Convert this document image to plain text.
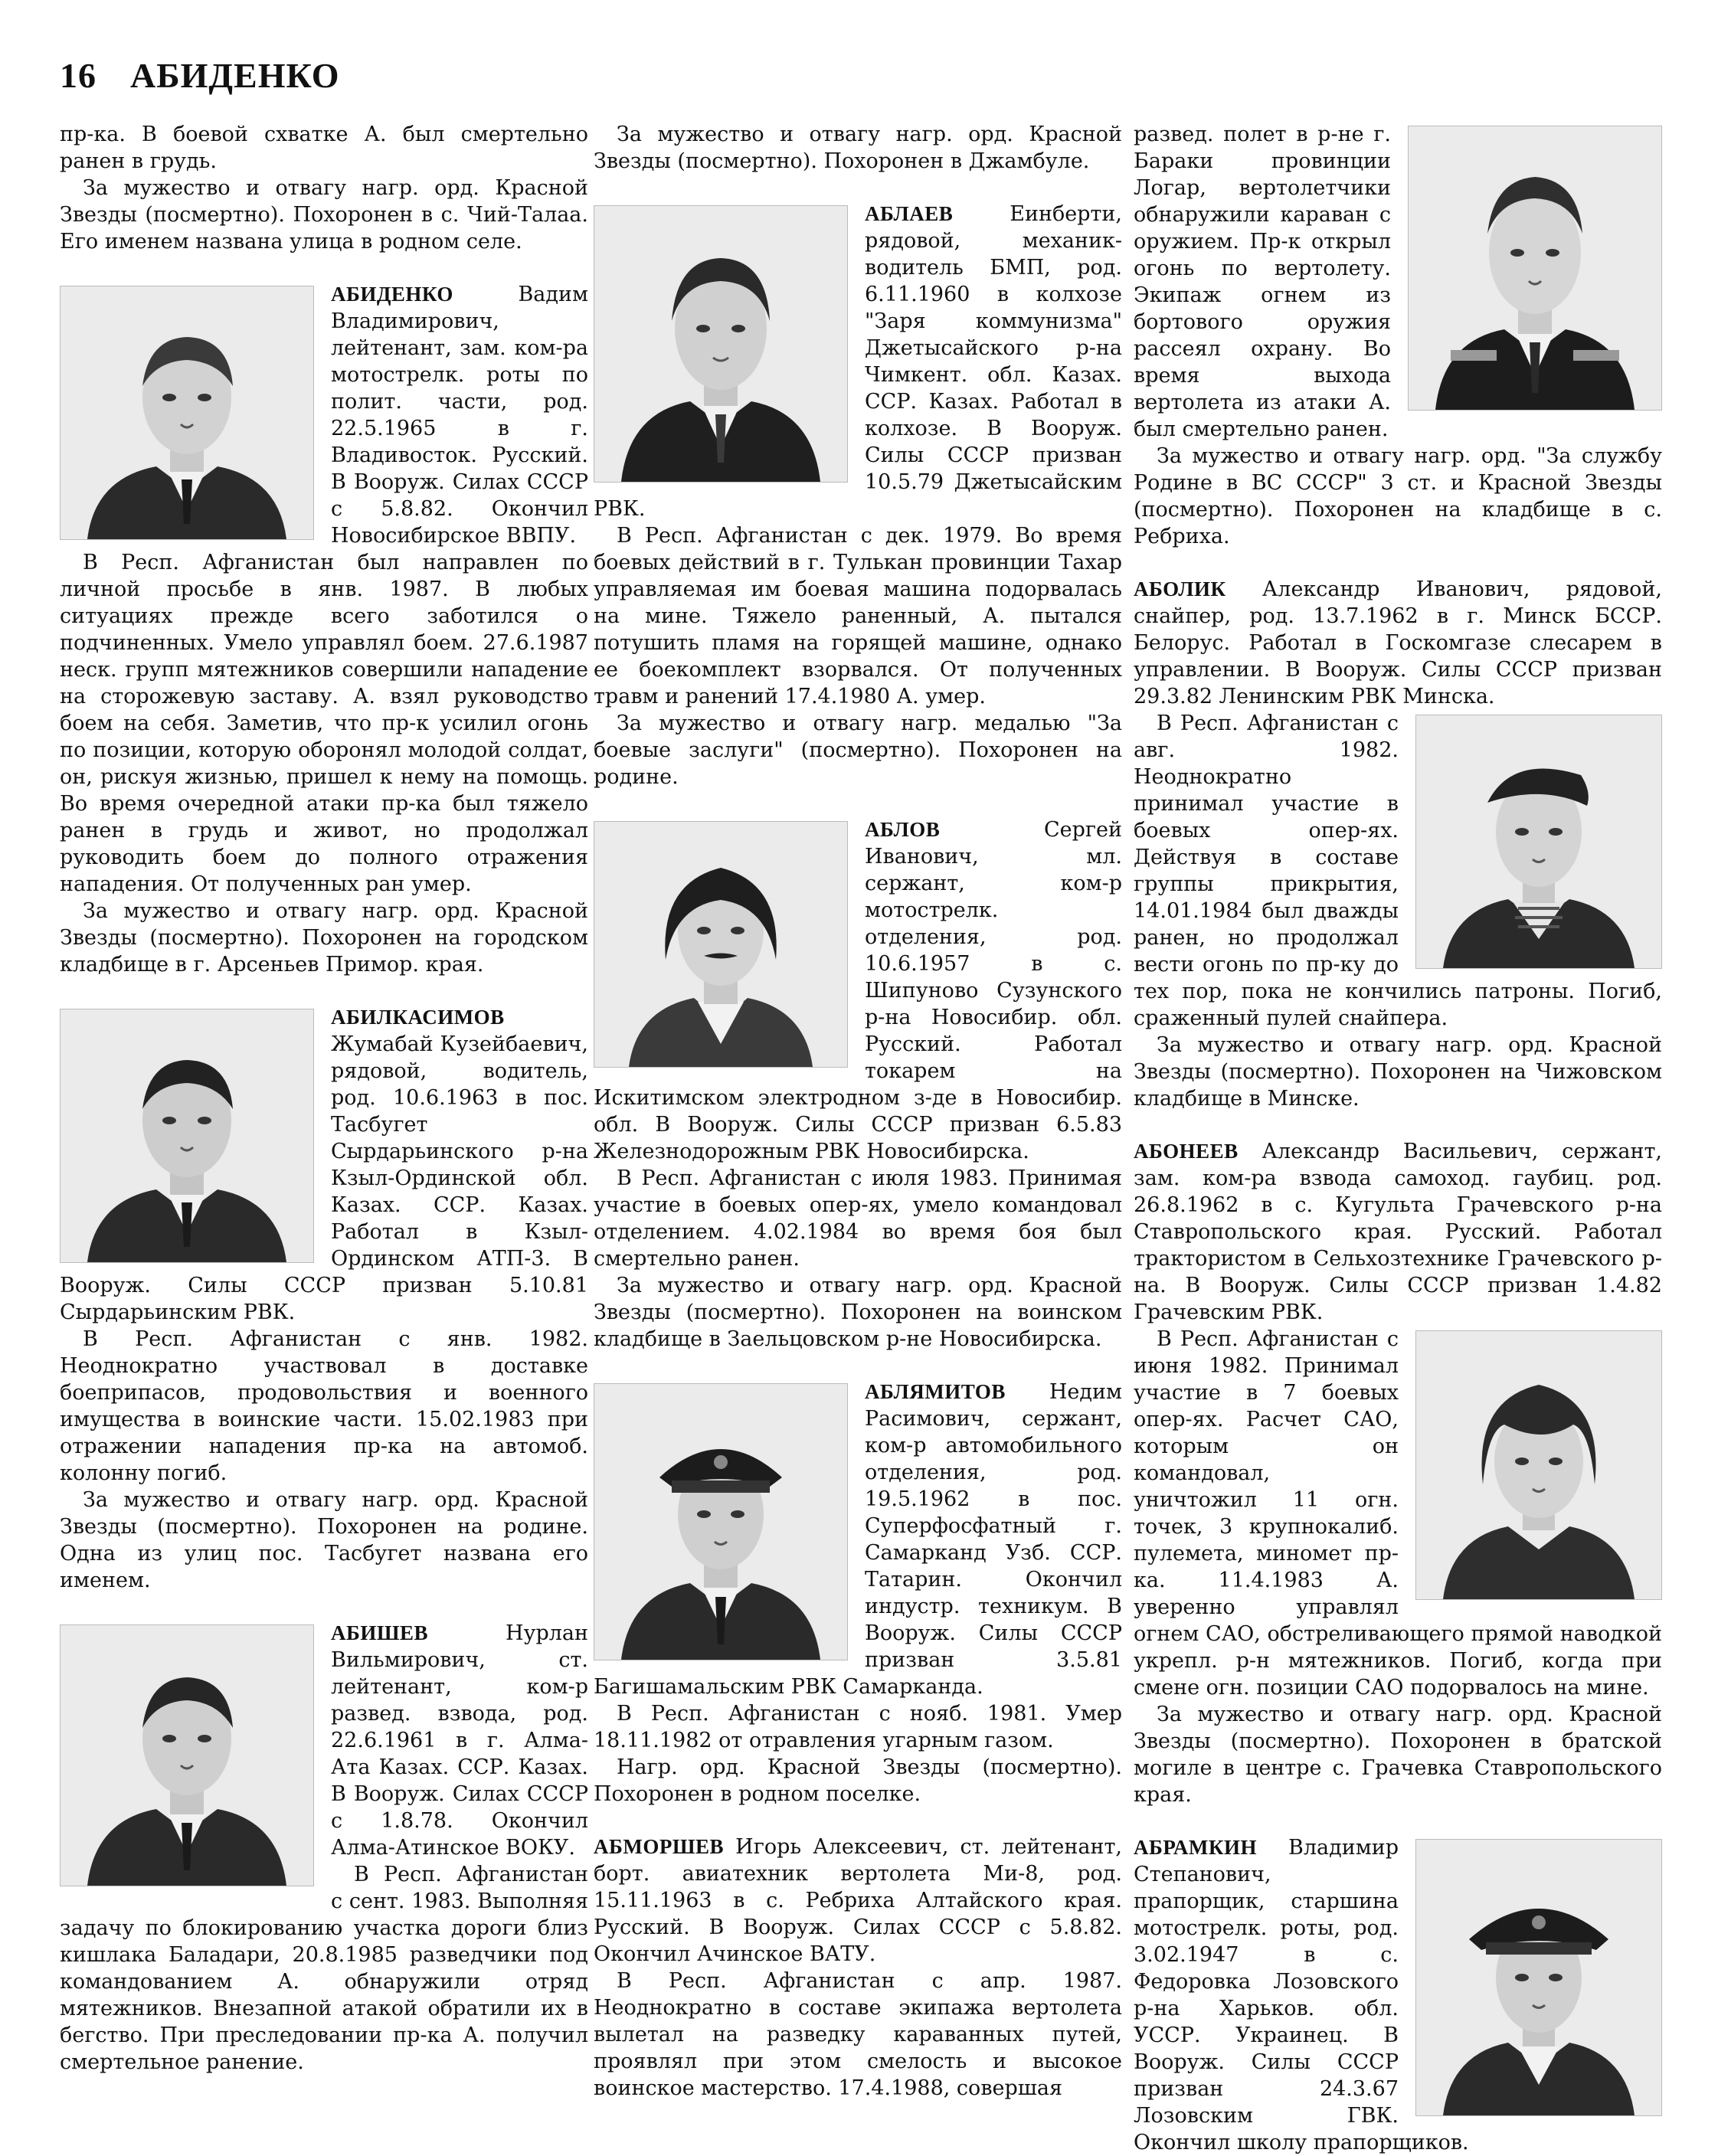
16 АБИДЕНКО

пр-ка. В боевой схватке А. был смертельно ранен в грудь.

За мужество и отвагу нагр. орд. Красной Звезды (посмертно). Похоронен в с. Чий-Талаа. Его именем названа улица в родном селе.

АБИДЕНКО	Вадим Владимирович, лейтенант, зам. ком-ра мотострелк. роты по полит. части, род. 22.5.1965 в г. Владивосток. Русский. В Вооруж. Силах СССР с 5.8.82. Окончил Новосибирское ВВПУ.

В Респ. Афганистан был направлен по личной просьбе в янв. 1987. В любых ситуациях прежде всего заботился о подчиненных. Умело управлял боем. 27.6.1987 неск. групп мятежников совершили нападение на сторожевую заставу. А. взял руководство боем на себя. Заметив, что пр-к усилил огонь по позиции, которую оборонял молодой солдат, он, рискуя жизнью, пришел к нему на помощь. Во время очередной атаки пр-ка был тяжело ранен в грудь и живот, но продолжал руководить боем до полного отражения нападения. От полученных ран умер.

За мужество и отвагу нагр. орд. Красной Звезды (посмертно). Похоронен на городском кладбище в г. Арсеньев Примор. края.

АБИЛКАСИМОВ Жумабай Кузейбаевич, рядовой, водитель, род. 10.6.1963 в пос. Тасбугет Сырдарьинского р-на Кзыл-Ординской обл. Казах. ССР. Казах. Работал в Кзыл-Ординском АТП-3. В Вооруж. Силы СССР призван 5.10.81 Сырдарьинским РВК.

В Респ. Афганистан с янв. 1982. Неоднократно участвовал в доставке боеприпасов, продовольствия и военного имущества в воинские части. 15.02.1983 при отражении нападения пр-ка на автомоб. колонну погиб.

За мужество и отвагу нагр. орд. Красной Звезды (посмертно). Похоронен на родине. Одна из улиц пос. Тасбугет названа его именем.

АБИШЕВ	Нурлан Вильмирович, ст. лейтенант, ком-р развед. взвода, род. 22.6.1961 в г. Алма-Ата Казах. ССР. Казах. В Вооруж. Силах СССР с 1.8.78. Окончил Алма-Атинское ВОКУ.

В Респ. Афганистан с сент. 1983. Выполняя задачу по блокированию участка дороги близ кишлака Баладари, 20.8.1985 разведчики под командованием А. обнаружили отряд мятежников. Внезапной атакой обратили их в бегство. При преследовании пр-ка А. получил смертельное ранение.

За мужество и отвагу нагр. орд. Красной Звезды (посмертно). Похоронен в Джамбуле.

АБЛАЕВ	Еинберти, рядовой, механик-водитель БМП, род. 6.11.1960 в колхозе "Заря коммунизма" Джетысайского р-на Чимкент. обл. Казах. ССР. Казах. Работал в колхозе. В Вооруж. Силы СССР призван 10.5.79 Джетысайским РВК.

В Респ. Афганистан с дек. 1979. Во время боевых действий в г. Тулькан провинции Тахар управляемая им боевая машина подорвалась на мине. Тяжело раненный, А. пытался потушить пламя на горящей машине, однако ее боекомплект взорвался. От полученных травм и ранений 17.4.1980 А. умер.

За мужество и отвагу нагр. медалью "За боевые заслуги" (посмертно). Похоронен на родине.

АБЛОВ	Сергей Иванович, мл. сержант, ком-р мотострелк. отделения, род. 10.6.1957 в с. Шипуново Сузунского р-на Новосибир. обл. Русский. Работал токарем на Искитимском электродном з-де в Новосибир. обл. В Вооруж. Силы СССР призван 6.5.83 Железнодорожным РВК Новосибирска.

В Респ. Афганистан с июля 1983. Принимая участие в боевых опер-ях, умело командовал отделением. 4.02.1984 во время боя был смертельно ранен.

За мужество и отвагу нагр. орд. Красной Звезды (посмертно). Похоронен на воинском кладбище в Заельцовском р-не Новосибирска.

АБЛЯМИТОВ Недим Расимович, сержант, ком-р автомобильного отделения, род. 19.5.1962 в пос. Суперфосфатный г. Самарканд Узб. ССР. Татарин. Окончил индустр. техникум. В Вооруж. Силы СССР призван 3.5.81 Багишамальским РВК Самарканда.

В Респ. Афганистан с нояб. 1981. Умер 18.11.1982 от отравления угарным газом.

Нагр. орд. Красной Звезды (посмертно). Похоронен в родном поселке.

АБМОРШЕВ Игорь Алексеевич, ст. лейтенант, борт. авиатехник вертолета Ми-8, род. 15.11.1963 в с. Ребриха Алтайского края. Русский. В Вооруж. Силах СССР с 5.8.82. Окончил Ачинское ВАТУ.

В Респ. Афганистан с апр. 1987. Неоднократно в составе экипажа вертолета вылетал на разведку караванных путей, проявлял при этом смелость и высокое воинское мастерство. 17.4.1988, совершая

развед. полет в р-не г. Бараки провинции Логар, вертолетчики обнаружили караван с оружием. Пр-к открыл огонь по вертолету. Экипаж огнем из бортового оружия рассеял охрану. Во время выхода вертолета из атаки А. был смертельно ранен.

За мужество и отвагу нагр. орд. "За службу Родине в ВС СССР" 3 ст. и Красной Звезды (посмертно). Похоронен на кладбище в с. Ребриха.

АБОЛИК Александр Иванович, рядовой, снайпер, род. 13.7.1962 в г. Минск БССР. Белорус. Работал в Госкомгазе слесарем в управлении. В Вооруж. Силы СССР призван 29.3.82 Ленинским РВК Минска.

В Респ. Афганистан с авг. 1982. Неоднократно принимал участие в боевых опер-ях. Действуя в составе группы прикрытия, 14.01.1984 был дважды ранен, но продолжал вести огонь по пр-ку до тех пор, пока не кончились патроны. Погиб, сраженный пулей снайпера.

За мужество и отвагу нагр. орд. Красной Звезды (посмертно). Похоронен на Чижовском кладбище в Минске.

АБОНЕЕВ Александр Васильевич, сержант, зам. ком-ра взвода самоход. гаубиц. род. 26.8.1962 в с. Кугульта Грачевского р-на Ставропольского края. Русский. Работал трактористом в Сельхозтехнике Грачевского р-на. В Вооруж. Силы СССР призван 1.4.82 Грачевским РВК.

В Респ. Афганистан с июня 1982. Принимал участие в 7 боевых опер-ях. Расчет САО, которым он командовал, уничтожил 11 огн. точек, 3 крупнокалиб. пулемета, миномет пр-ка. 11.4.1983 А. уверенно управлял огнем САО, обстреливающего прямой наводкой укрепл. р-н мятежников. Погиб, когда при смене огн. позиции САО подорвалось на мине.

За мужество и отвагу нагр. орд. Красной Звезды (посмертно). Похоронен в братской могиле в центре с. Грачевка Ставропольского края.

АБРАМКИН Владимир Степанович, прапорщик, старшина мотострелк. роты, род. 3.02.1947 в с. Федоровка Лозовского р-на Харьков. обл. УССР. Украинец. В Вооруж. Силы СССР призван 24.3.67 Лозовским ГВК. Окончил школу прапорщиков.
